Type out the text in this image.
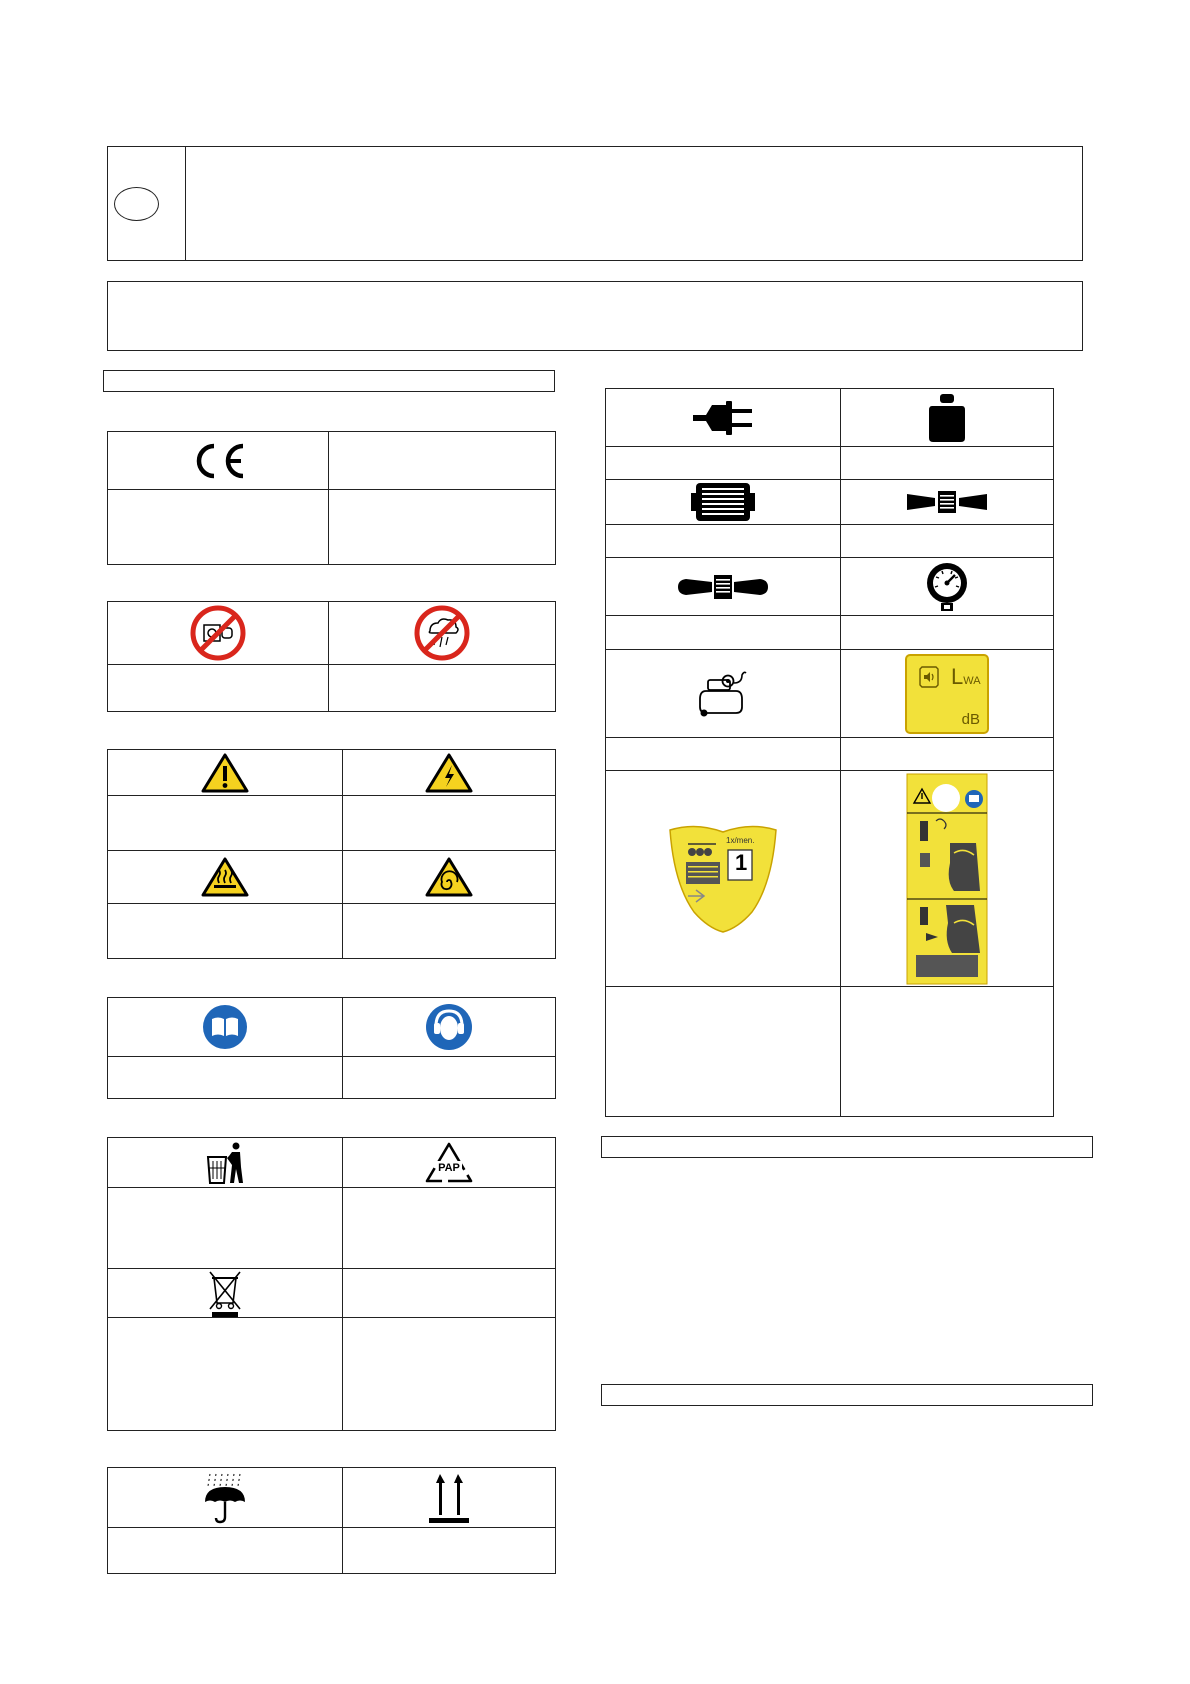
PAP

LWA
dB

1x/men.
1
